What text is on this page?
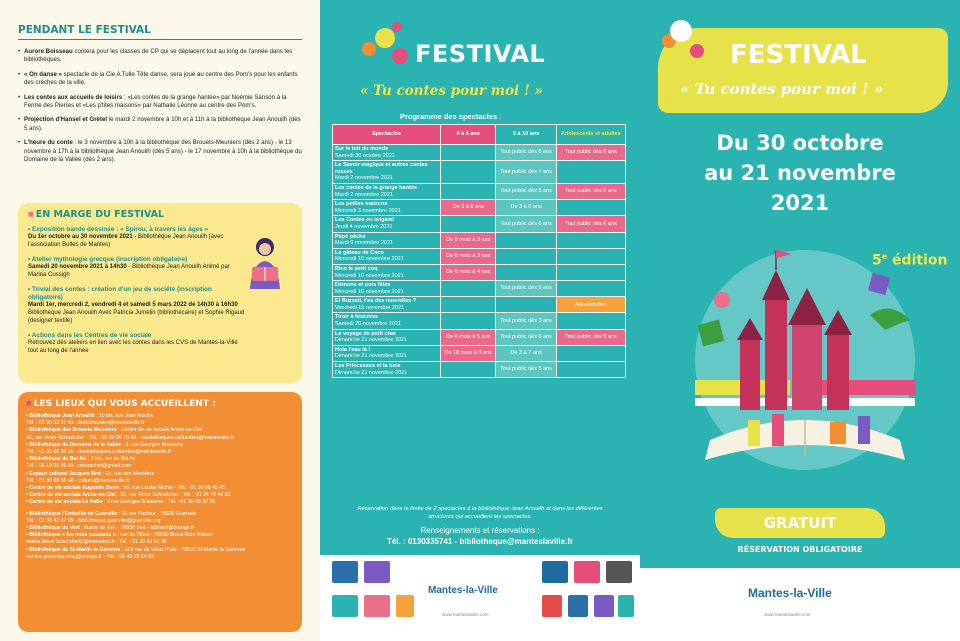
PENDANT LE FESTIVAL
• Aurore Boisseau contera pour les classes de CP qui se déplacent tout au long de l'année dans les bibliothèques.
• « On danse » spectacle de la Cie A Tulle Tête danse, sera joué au centre des Pom's pour les enfants des crèches de la ville.
• Les contes aux accueils de loisirs : «Les contes de la grange hantée» par Noémie Sanson à la Ferme des Pierres et «Les p'tites maisons» par Nathalie Léonne au centre des Pom's.
• Projection d'Hansel et Gretel le mardi 2 novembre à 10h et à 11h à la bibliothèque Jean Anouilh (dès 5 ans).
• L'heure du conte : le 3 novembre à 10h à la bibliothèque des Brouets-Meuniers (dès 2 ans) - le 13 novembre à 17h à la bibliothèque Jean Anouilh (dès 5 ans) - le 17 novembre à 10h à la bibliothèque du Domaine de la Vallée (dès 2 ans).
■ EN MARGE DU FESTIVAL
• Exposition bande dessinée : « Spirou, à travers les âges »
Du 1er octobre au 30 novembre 2021 - Bibliothèque Jean Anouilh (avec l'association Bulles de Mantes)
• Atelier mythologie grecque (inscription obligatoire)
Samedi 20 novembre 2021 à 14h30 - Bibliothèque Jean Anouilh Animé par Marina Cussigh
• Trivial des contes : création d'un jeu de société (inscription obligatoire)
Mardi 1er, mercredi 2, vendredi 4 et samedi 5 mars 2022 de 14h30 à 16h30 Bibliothèque Jean Anouilh Avec Patricia Jumelin (bibliothécaire) et Sophie Rigaud (designer textile)
• Actions dans les Centres de vie sociale
Retrouvez des ateliers en lien avec les contes dans les CVS de Mantes-la-Ville tout au long de l'année
■ LES LIEUX QUI VOUS ACCUEILLENT :
• Bibliothèque Jean Anouilh : 10 bis, rue Jean Moulin
Tél. : 01 30 33 57 41 - bibliothecaire@mantesville.fr
• Bibliothèque des Brouets-Meuniers : Centre de vie sociale Arche-en-Ciel
30, rue Victor Schoelcher - Tél. : 01 30 98 78 49 - mediatheques.culturelles@mantesville.fr
• Bibliothèque du Domaine de la Vallée : 2, rue Georges Brassens
Tél. : 01 30 98 30 26 - mediatheques.culturelles@mantesville.fr
• Bibliothèque du Bel Air : 2 bis, rue du Bel Air
Tél. : 06 18 06 66 69 - mcsrachet@gmail.com
• Espace culturel Jacques Brel : 21, rue des Merisiers
Tél. : 01 30 98 55 46 - culture@mantesville.fr
• Centre de vie sociale Augustin Serre : 60, rue Louise Michel - Tél. : 01 30 98 45 46
• Centre de vie sociale Arche-en-Ciel : 30, rue Victor Schoelcher - Tél. : 01 34 78 40 33
• Centre de vie sociale Le Patio : 3 rue Georges Brassens - Tél. : 01 30 98 30 25
• Bibliothèque l'Embellie de Guerville : 16 rue Pasteur - 78930 Guerville
Tél. : 01 30 42 37 09 - bibliotheque.guerville@guerville.org
• Bibliothèque du Vert : Mairie de Vert - 78930 Vert - biblivert@orange.fr
• Bibliothèque « les mots passants » : rue du Tilleul - 78930 Breuil-Bois-Robert -
mairie.breuil-bois-robert1@wanadoo.fr - Tél. : 01 30 42 62 35
• Bibliothèque de St-Martin la Garenne : 125 rue du Vieux Puits - 78520 St-Martin la Garenne
service.jeunesse.smg@orange.fr - Tél. : 06 49 25 14 93
FESTIVAL
« Tu contes pour moi ! »
Programme des spectacles :
Spectacles	0 à 5 ans	5 à 10 ans	Adolescents et adultes

Sur le toit du monde
Samedi 30 octobre 2021		Tout public dès 6 ans	Tout public dès 6 ans

Le Savoir magique et autres contes russes
Mardi 2 novembre 2021		Tout public dès 7 ans	

Les contes de la grange hantée
Mardi 2 novembre 2021		Tout public dès 5 ans	Tout public dès 5 ans

Les petites maisons
Mercredi 3 novembre 2021	De 3 à 6 ans	De 3 à 6 ans	

Les Contes en origami
Jeudi 4 novembre 2021		Tout public dès 6 ans	Tout public dès 6 ans

Pépé pêche
Mardi 9 novembre 2021	De 6 mois à 3 ans		

Le gâteau de Coco
Mercredi 10 novembre 2021	De 6 mois à 3 ans		

Rico le petit coq
Mercredi 10 novembre 2021	De 6 mois à 4 ans		

Démons et pots fêlés
Mercredi 10 novembre 2021		Tout public dès 5 ans	

El Buzzati, t'as des nouvelles ?
Vendredi 12 novembre 2021			Ados/adultes

Tiroir à histoires
Samedi 20 novembre 2021		Tout public dès 3 ans	

Le voyage de petit chat
Dimanche 21 novembre 2021	De 6 mois à 5 ans	Tout public dès 6 ans	Tout public dès 5 ans

Hola l'eau là !
Dimanche 21 novembre 2021	De 18 mois à 3 ans	De 3 à 7 ans	

Les Princesses et la lune
Dimanche 21 novembre 2021		Tout public dès 5 ans	
Réservation dans la limite de 2 spectacles à la bibliothèque Jean Anouilh et dans les différentes structures qui accueillent les spectacles.
Renseignements et réservations :
Tél. : 0130335741 - bibliotheque@mantesIaville.fr
Mantes-la-Ville
www.manteslaville.com
FESTIVAL
« Tu contes pour moi ! »
Du 30 octobre
au 21 novembre
2021
5e édition
GRATUIT
RÉSERVATION OBLIGATOIRE
Mantes-la-Ville
www.manteslaville.com
